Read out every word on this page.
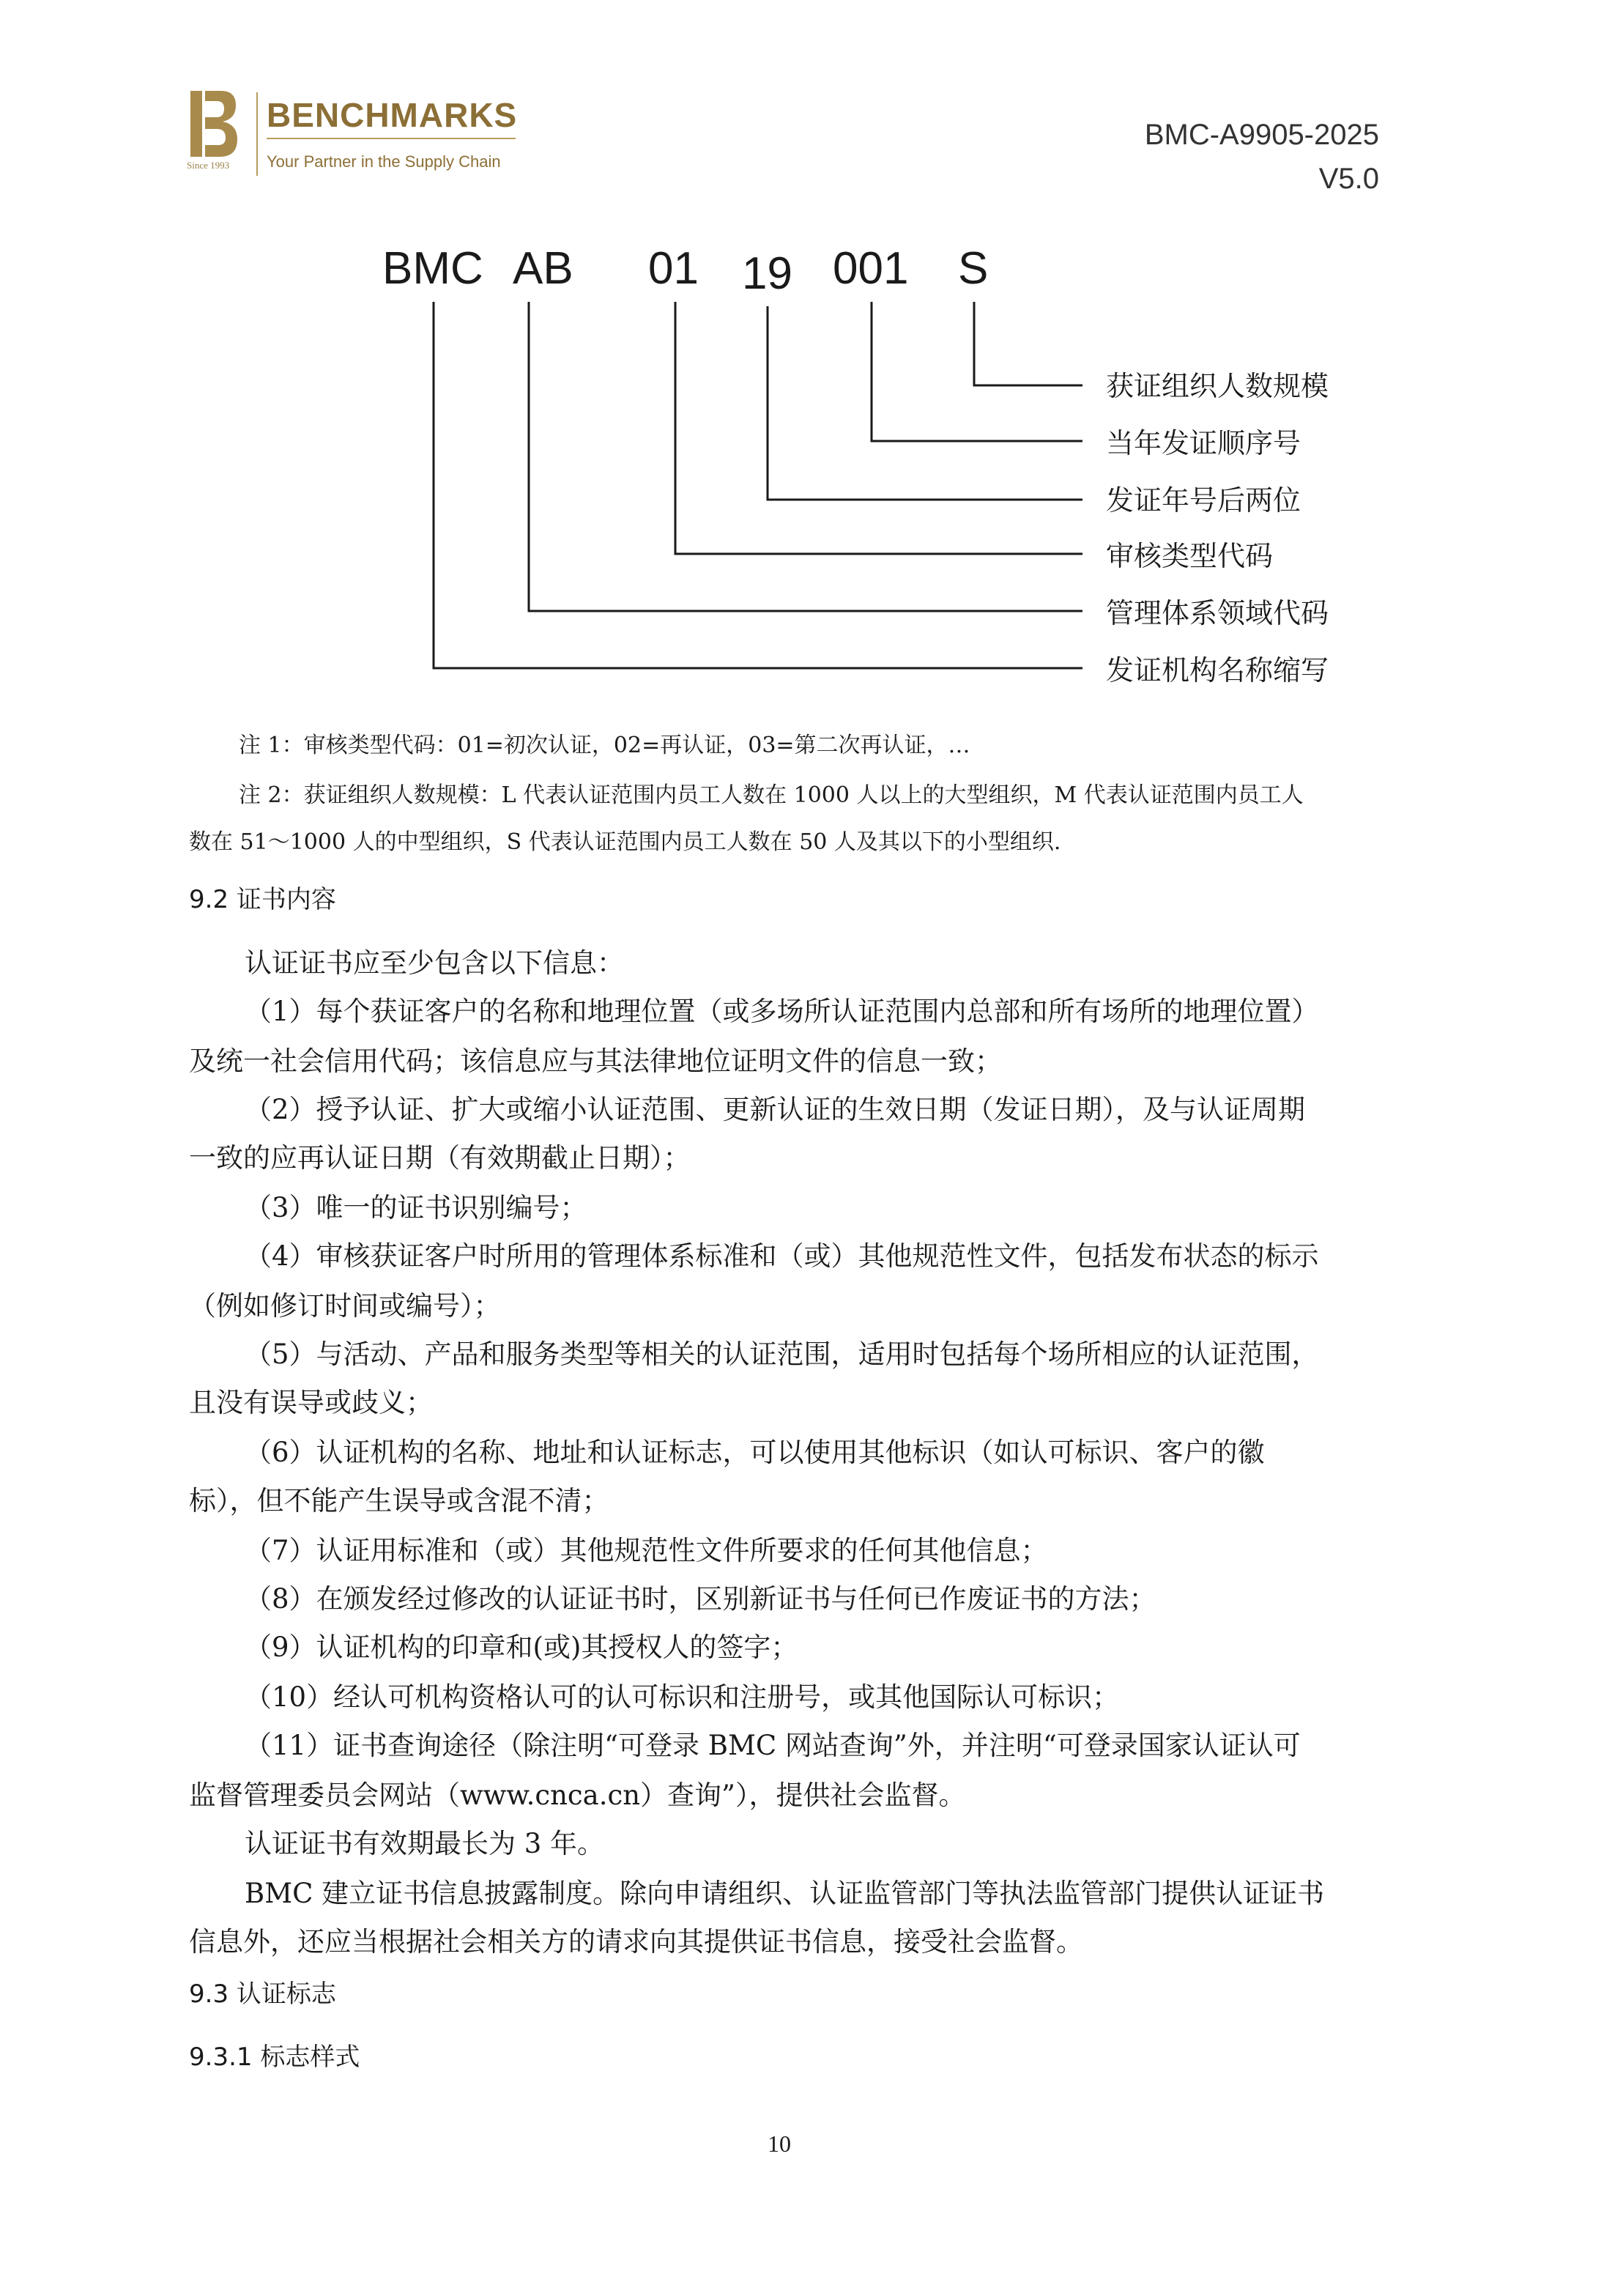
Since 1993
BENCHMARKS
Your Partner in the Supply Chain
BMC-A9905-2025
V5.0
BMC AB 01 19 001 S
获证组织人数规模
当年发证顺序号
发证年号后两位
审核类型代码
管理体系领域代码
发证机构名称缩写
注 1：审核类型代码：01=初次认证，02=再认证，03=第二次再认证，…
注 2：获证组织人数规模：L 代表认证范围内员工人数在 1000 人以上的大型组织，M 代表认证范围内员工人
数在 51～1000 人的中型组织，S 代表认证范围内员工人数在 50 人及其以下的小型组织.
9.2 证书内容
认证证书应至少包含以下信息：
（1）每个获证客户的名称和地理位置（或多场所认证范围内总部和所有场所的地理位置）
及统一社会信用代码；该信息应与其法律地位证明文件的信息一致；
（2）授予认证、扩大或缩小认证范围、更新认证的生效日期（发证日期），及与认证周期
一致的应再认证日期（有效期截止日期）；
（3）唯一的证书识别编号；
（4）审核获证客户时所用的管理体系标准和（或）其他规范性文件，包括发布状态的标示
（例如修订时间或编号）；
（5）与活动、产品和服务类型等相关的认证范围，适用时包括每个场所相应的认证范围，
且没有误导或歧义；
（6）认证机构的名称、地址和认证标志，可以使用其他标识（如认可标识、客户的徽
标），但不能产生误导或含混不清；
（7）认证用标准和（或）其他规范性文件所要求的任何其他信息；
（8）在颁发经过修改的认证证书时，区别新证书与任何已作废证书的方法；
（9）认证机构的印章和(或)其授权人的签字；
（10）经认可机构资格认可的认可标识和注册号，或其他国际认可标识；
（11）证书查询途径（除注明“可登录 BMC 网站查询”外，并注明“可登录国家认证认可
监督管理委员会网站（www.cnca.cn）查询”），提供社会监督。
认证证书有效期最长为 3 年。
BMC 建立证书信息披露制度。除向申请组织、认证监管部门等执法监管部门提供认证证书
信息外，还应当根据社会相关方的请求向其提供证书信息，接受社会监督。
9.3 认证标志
9.3.1 标志样式
10
